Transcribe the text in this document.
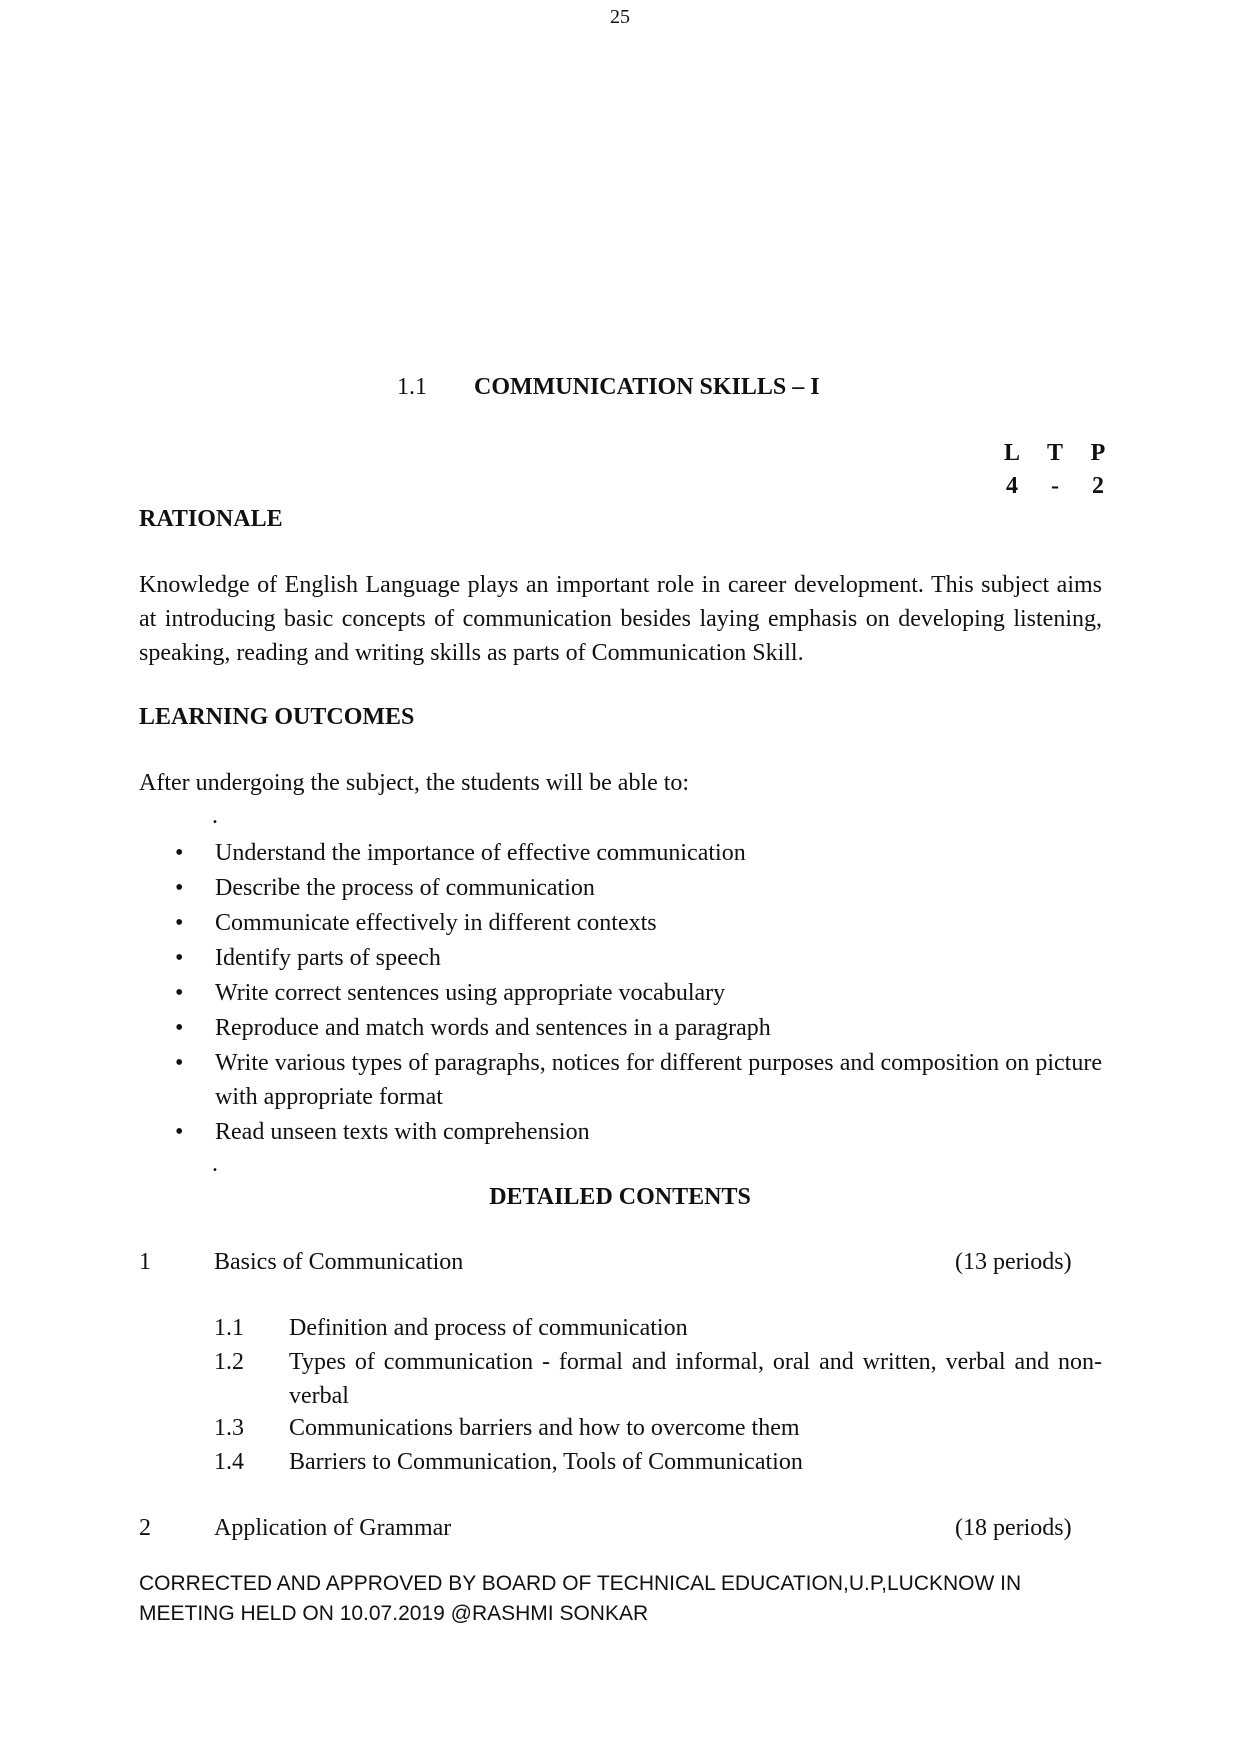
25
1.1 COMMUNICATION SKILLS – I
L T P
4	-	2
RATIONALE
Knowledge of English Language plays an important role in career development. This subject aims at introducing basic concepts of communication besides laying emphasis on developing listening, speaking, reading and writing skills as parts of Communication Skill.
LEARNING OUTCOMES
After undergoing the subject, the students will be able to:
.
• Understand the importance of effective communication
• Describe the process of communication
• Communicate effectively in different contexts
• Identify parts of speech
• Write correct sentences using appropriate vocabulary
• Reproduce and match words and sentences in a paragraph
• Write various types of paragraphs, notices for different purposes and composition on picture with appropriate format
• Read unseen texts with comprehension
.
DETAILED CONTENTS
1	Basics of Communication	(13 periods)
1.1 Definition and process of communication
1.2 Types of communication - formal and informal, oral and written, verbal and non-verbal
1.3 Communications barriers and how to overcome them
1.4 Barriers to Communication, Tools of Communication
2	Application of Grammar	(18 periods)
CORRECTED AND APPROVED BY BOARD OF TECHNICAL EDUCATION,U.P,LUCKNOW IN
MEETING HELD ON 10.07.2019 @RASHMI SONKAR
